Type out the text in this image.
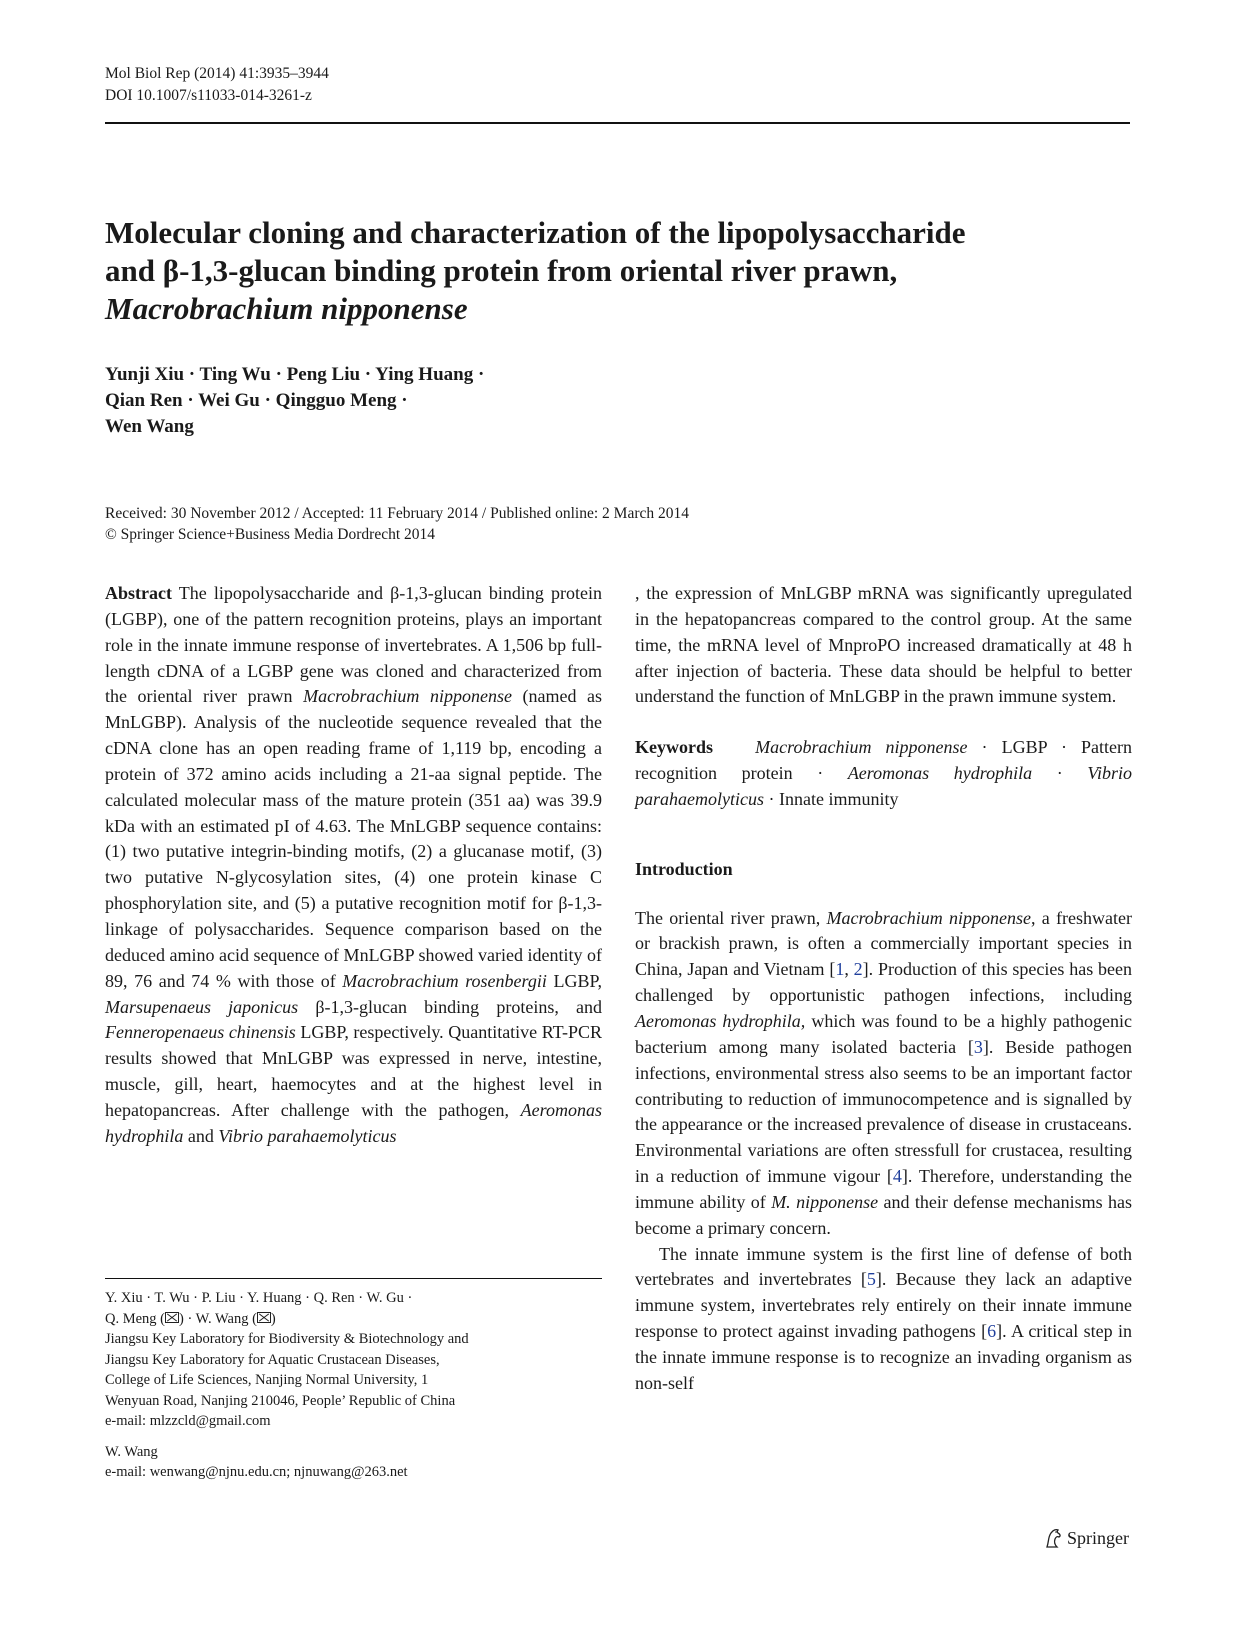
Mol Biol Rep (2014) 41:3935–3944
DOI 10.1007/s11033-014-3261-z
Molecular cloning and characterization of the lipopolysaccharide
and β-1,3-glucan binding protein from oriental river prawn,
Macrobrachium nipponense
Yunji Xiu · Ting Wu · Peng Liu · Ying Huang ·
Qian Ren · Wei Gu · Qingguo Meng ·
Wen Wang
Received: 30 November 2012 / Accepted: 11 February 2014 / Published online: 2 March 2014
© Springer Science+Business Media Dordrecht 2014

Abstract The lipopolysaccharide and β-1,3-glucan binding protein (LGBP), one of the pattern recognition proteins, plays an important role in the innate immune response of invertebrates. A 1,506 bp full-length cDNA of a LGBP gene was cloned and characterized from the oriental river prawn Macrobrachium nipponense (named as MnLGBP). Analysis of the nucleotide sequence revealed that the cDNA clone has an open reading frame of 1,119 bp, encoding a protein of 372 amino acids including a 21-aa signal peptide. The calculated molecular mass of the mature protein (351 aa) was 39.9 kDa with an estimated pI of 4.63. The MnLGBP sequence contains: (1) two putative integrin-binding motifs, (2) a glucanase motif, (3) two putative N-glycosylation sites, (4) one protein kinase C phosphorylation site, and (5) a putative recognition motif for β-1,3-linkage of polysaccharides. Sequence comparison based on the deduced amino acid sequence of MnLGBP showed varied identity of 89, 76 and 74 % with those of Macrobrachium rosenbergii LGBP, Marsupenaeus japonicus β-1,3-glucan binding proteins, and Fenneropenaeus chinensis LGBP, respectively. Quantitative RT-PCR results showed that MnLGBP was expressed in nerve, intestine, muscle, gill, heart, haemocytes and at the highest level in hepatopancreas. After challenge with the pathogen, Aeromonas hydrophila and Vibrio parahaemolyticus

, the expression of MnLGBP mRNA was significantly upregulated in the hepatopancreas compared to the control group. At the same time, the mRNA level of MnproPO increased dramatically at 48 h after injection of bacteria. These data should be helpful to better understand the function of MnLGBP in the prawn immune system.

Keywords Macrobrachium nipponense · LGBP · Pattern recognition protein · Aeromonas hydrophila · Vibrio parahaemolyticus · Innate immunity

Introduction

The oriental river prawn, Macrobrachium nipponense, a freshwater or brackish prawn, is often a commercially important species in China, Japan and Vietnam [1, 2]. Production of this species has been challenged by opportunistic pathogen infections, including Aeromonas hydrophila, which was found to be a highly pathogenic bacterium among many isolated bacteria [3]. Beside pathogen infections, environmental stress also seems to be an important factor contributing to reduction of immunocompetence and is signalled by the appearance or the increased prevalence of disease in crustaceans. Environmental variations are often stressfull for crustacea, resulting in a reduction of immune vigour [4]. Therefore, understanding the immune ability of M. nipponense and their defense mechanisms has become a primary concern.

The innate immune system is the first line of defense of both vertebrates and invertebrates [5]. Because they lack an adaptive immune system, invertebrates rely entirely on their innate immune response to protect against invading pathogens [6]. A critical step in the innate immune response is to recognize an invading organism as non-self

Y. Xiu · T. Wu · P. Liu · Y. Huang · Q. Ren · W. Gu ·
Q. Meng ( ) · W. Wang ( )
Jiangsu Key Laboratory for Biodiversity & Biotechnology and
Jiangsu Key Laboratory for Aquatic Crustacean Diseases,
College of Life Sciences, Nanjing Normal University, 1
Wenyuan Road, Nanjing 210046, People’ Republic of China
e-mail: mlzzcld@gmail.com
W. Wang
e-mail: wenwang@njnu.edu.cn; njnuwang@263.net
Springer
